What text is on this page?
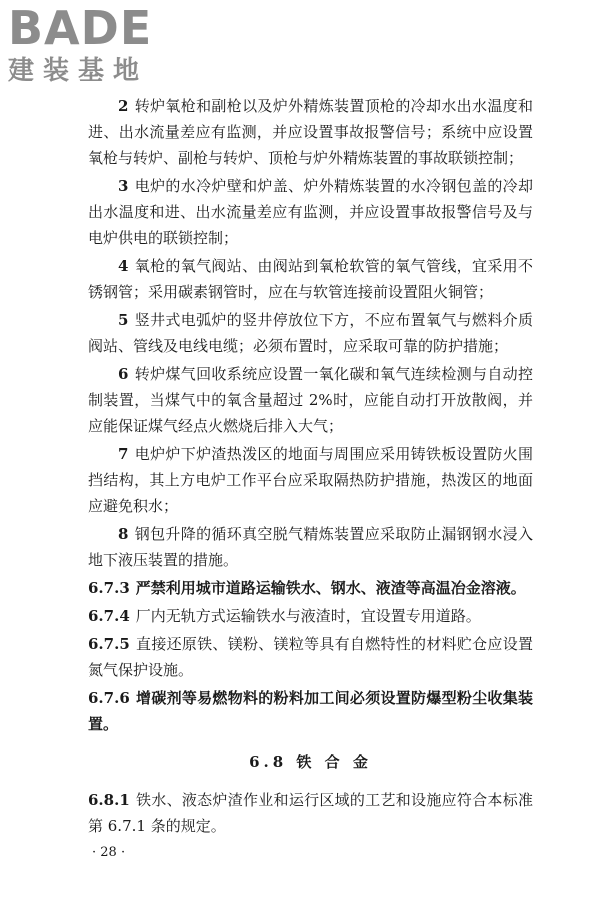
BADE
建装基地

2 转炉氧枪和副枪以及炉外精炼装置顶枪的冷却水出水温度和进、出水流量差应有监测，并应设置事故报警信号；系统中应设置氧枪与转炉、副枪与转炉、顶枪与炉外精炼装置的事故联锁控制；

3 电炉的水冷炉壁和炉盖、炉外精炼装置的水冷钢包盖的冷却出水温度和进、出水流量差应有监测，并应设置事故报警信号及与电炉供电的联锁控制；

4 氧枪的氧气阀站、由阀站到氧枪软管的氧气管线，宜采用不锈钢管；采用碳素钢管时，应在与软管连接前设置阻火铜管；

5 竖井式电弧炉的竖井停放位下方，不应布置氧气与燃料介质阀站、管线及电线电缆；必须布置时，应采取可靠的防护措施；

6 转炉煤气回收系统应设置一氧化碳和氧气连续检测与自动控制装置，当煤气中的氧含量超过 2%时，应能自动打开放散阀，并应能保证煤气经点火燃烧后排入大气；

7 电炉炉下炉渣热泼区的地面与周围应采用铸铁板设置防火围挡结构，其上方电炉工作平台应采取隔热防护措施，热泼区的地面应避免积水；

8 钢包升降的循环真空脱气精炼装置应采取防止漏钢钢水浸入地下液压装置的措施。

6.7.3 严禁利用城市道路运输铁水、钢水、液渣等高温冶金溶液。

6.7.4 厂内无轨方式运输铁水与液渣时，宜设置专用道路。

6.7.5 直接还原铁、镁粉、镁粒等具有自燃特性的材料贮仓应设置氮气保护设施。

6.7.6 增碳剂等易燃物料的粉料加工间必须设置防爆型粉尘收集装置。

6.8 铁 合 金

6.8.1 铁水、液态炉渣作业和运行区域的工艺和设施应符合本标准第 6.7.1 条的规定。

· 28 ·
